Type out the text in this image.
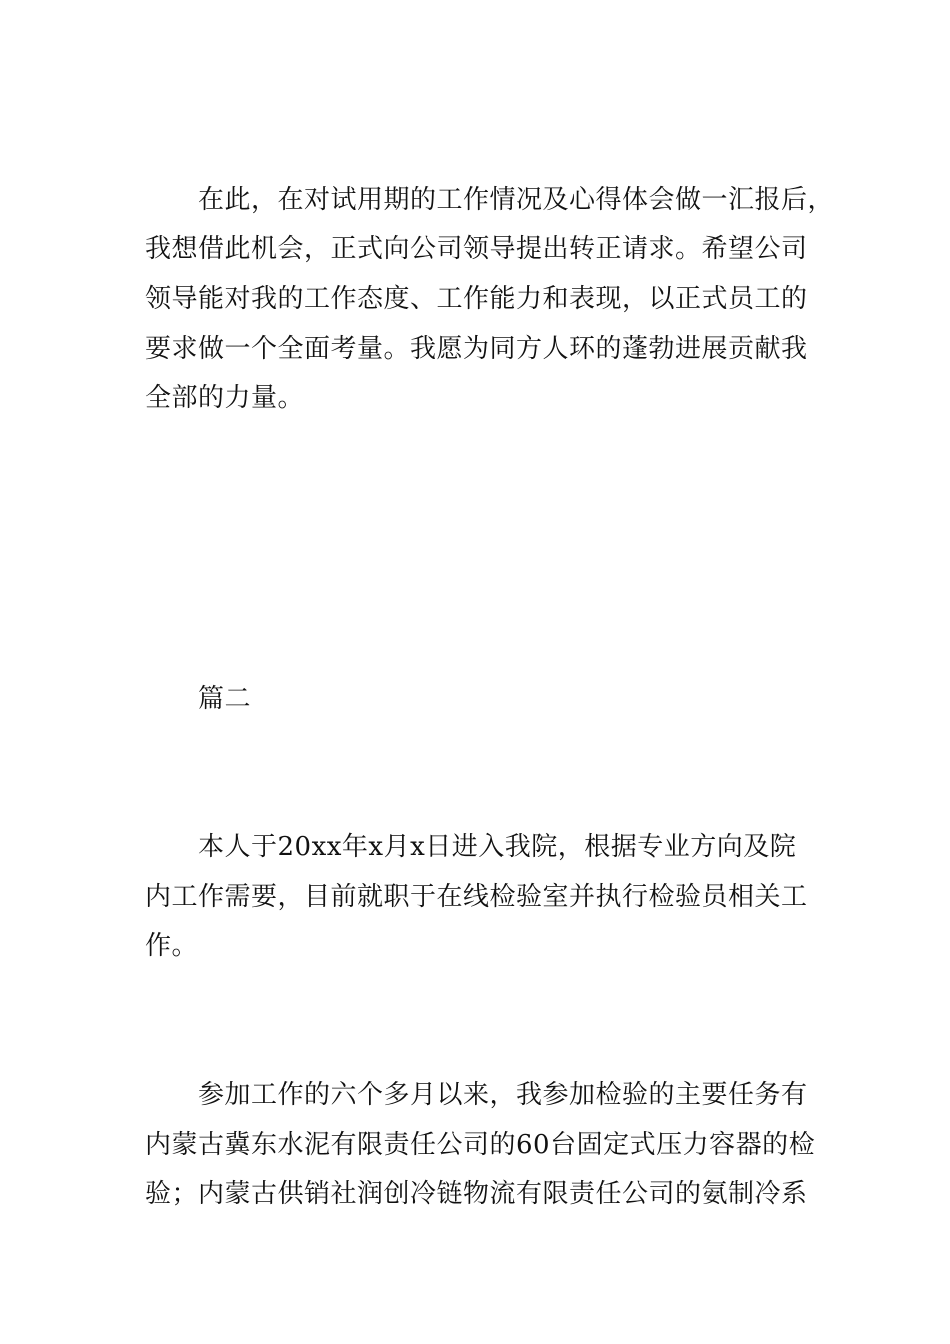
在此，在对试用期的工作情况及心得体会做一汇报后，
我想借此机会，正式向公司领导提出转正请求。希望公司
领导能对我的工作态度、工作能力和表现，以正式员工的
要求做一个全面考量。我愿为同方人环的蓬勃进展贡献我
全部的力量。
篇二
本人于20xx年x月x日进入我院，根据专业方向及院
内工作需要，目前就职于在线检验室并执行检验员相关工
作。
参加工作的六个多月以来，我参加检验的主要任务有
内蒙古冀东水泥有限责任公司的60台固定式压力容器的检
验；内蒙古供销社润创冷链物流有限责任公司的氨制冷系
